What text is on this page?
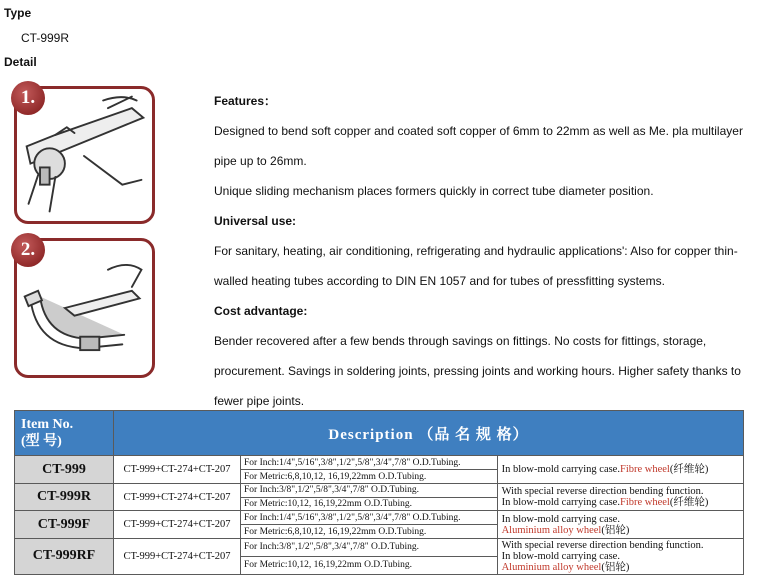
Type
CT-999R
Detail
1.
2.

Features：

Designed to bend soft copper and coated soft copper of 6mm to 22mm as well as Me. pla multilayer

pipe up to 26mm.

Unique sliding mechanism places formers quickly in correct tube diameter position.

Universal use:

For sanitary, heating, air conditioning, refrigerating and hydraulic applications': Also for copper thin-

walled heating tubes according to DIN EN 1057 and for tubes of pressfitting systems.

Cost advantage:

Bender recovered after a few bends through savings on fittings. No costs for fittings, storage,

procurement. Savings in soldering joints, pressing joints and working hours. Higher safety thanks to

fewer pipe joints.

Item No.
(型 号)	Description （品 名 规 格）		
CT-999	CT-999+CT-274+CT-207	For Inch:1/4",5/16",3/8",1/2",5/8",3/4",7/8" O.D.Tubing.	In blow-mold carrying case.Fibre wheel(纤维轮)
		For Metric:6,8,10,12, 16,19,22mm O.D.Tubing.	
CT-999R	CT-999+CT-274+CT-207	For Inch:3/8",1/2",5/8",3/4",7/8" O.D.Tubing.	With special reverse direction bending function.
In blow-mold carrying case.Fibre wheel(纤维轮)
		For Metric:10,12, 16,19,22mm O.D.Tubing.	
CT-999F	CT-999+CT-274+CT-207	For Inch:1/4",5/16",3/8",1/2",5/8",3/4",7/8" O.D.Tubing.	In blow-mold carrying case.
Aluminium alloy wheel(铝轮)
		For Metric:6,8,10,12, 16,19,22mm O.D.Tubing.	
CT-999RF	CT-999+CT-274+CT-207	For Inch:3/8",1/2",5/8",3/4",7/8" O.D.Tubing.	With special reverse direction bending function.
In blow-mold carrying case.
Aluminium alloy wheel(铝轮)
		For Metric:10,12, 16,19,22mm O.D.Tubing.	
